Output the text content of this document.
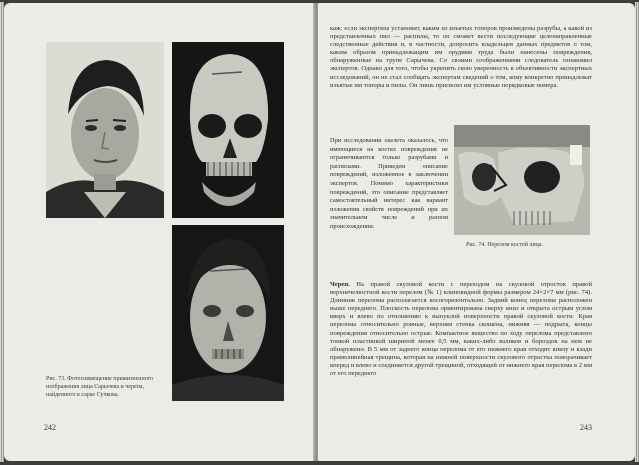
Рис. 73. Фотосовмещение прижизненного изображения лица Сарычева и черепа, найденного в сарае Сучкова.

242

каж: если экспертиза установит, каким из изъятых топоров произведены разрубы, а какой из представленных пил — распилы, то он сможет вести последующие целенаправленные следственные действия и, в частности, допросить владельцев данных предметов о том, каким образом принадлежащим им орудиям труда были нанесены повреждения, обнаруженные на трупе Сарычева. Со своими соображениями следователь ознакомил экспертов. Однако для того, чтобы укрепить свою уверенность в объективности экспертных исследований, он не стал сообщать экспертам сведений о том, кому конкретно принадлежат изъятые им топоры и пилы. Он лишь присвоил им условные порядковые номера.

При исследовании скелета оказалось, что имеющиеся на костях повреждения не ограничиваются только разрубами и распилами. Приведем описание повреждений, изложенное в заключении экспертов. Помимо характеристики повреждений, это описание представляет самостоятельный интерес как вариант изложения свойств повреждений при их значительном числе и разном происхождении.

Рис. 74. Перелом костей лица.

Череп. На правой скуловой кости с переходом на скуловой отросток правой верхнечелюстной кости перелом (№ 1) клиновидной формы размером 24×2×7 мм (рис. 74). Длинник перелома располагается косогоризонтально. Задний конец перелома расположен выше переднего. Плоскость перелома ориентирована сверху вниз и открыта острым углом вверх и влево по отношению к выпуклой поверхности правой скуловой кости. Края перелома относительно ровные, верхняя стенка скошена, нижняя — подрыта, концы повреждения относительно острые. Компактное вещество по ходу перелома представлено тонкой пластинкой шириной менее 0,5 мм, каких-либо валиков и бороздок на нем не обнаружено. В 5 мм от заднего конца перелома от его нижнего края отходит книзу и кзади прямолинейная трещина, которая на нижней поверхности скулового отростка поворачивает вперед и влево и соединяется другой трещиной, отходящей от нижнего края перелома в 2 мм от его переднего

243
